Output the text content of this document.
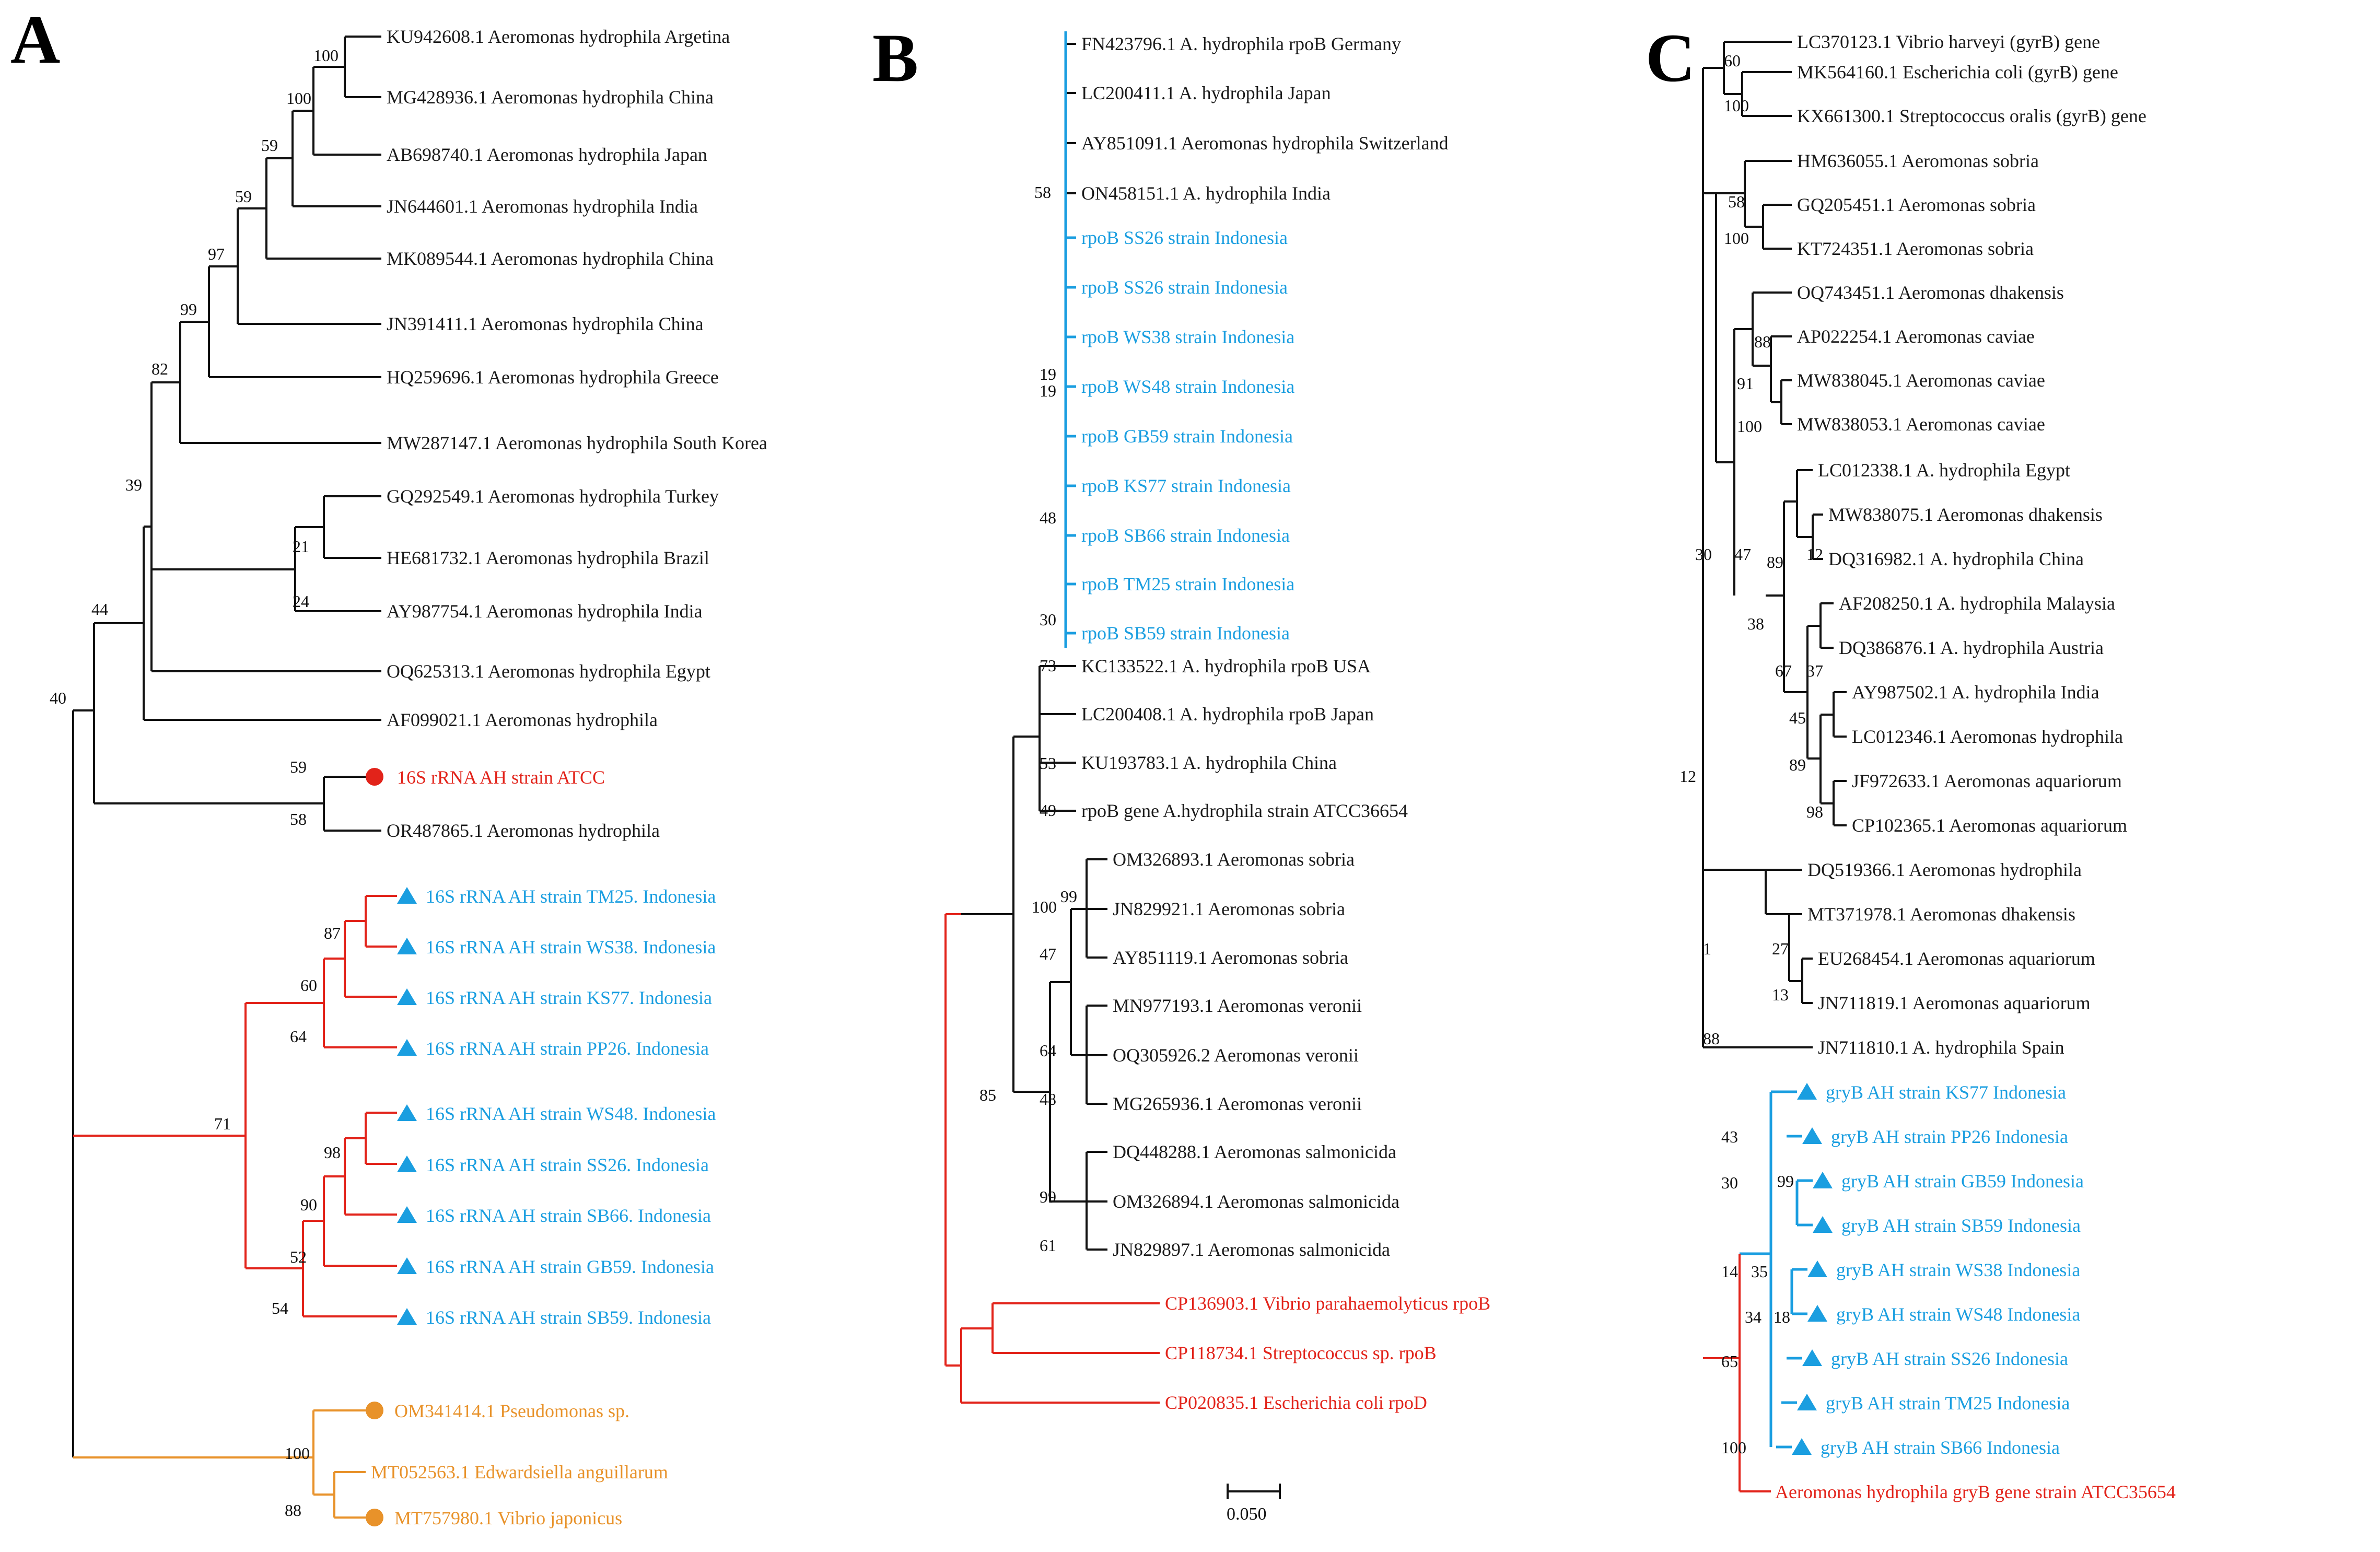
A	KU942608.1 Aeromonas hydrophila Argetina
MG428936.1 Aeromonas hydrophila China
AB698740.1 Aeromonas hydrophila Japan
JN644601.1 Aeromonas hydrophila India
MK089544.1 Aeromonas hydrophila China
JN391411.1 Aeromonas hydrophila China
HQ259696.1 Aeromonas hydrophila Greece
MW287147.1 Aeromonas hydrophila South Korea
GQ292549.1 Aeromonas hydrophila Turkey
HE681732.1 Aeromonas hydrophila Brazil
AY987754.1 Aeromonas hydrophila India
OQ625313.1 Aeromonas hydrophila Egypt
AF099021.1 Aeromonas hydrophila
16S rRNA AH strain ATCC
OR487865.1 Aeromonas hydrophila
16S rRNA AH strain TM25. Indonesia
16S rRNA AH strain WS38. Indonesia
16S rRNA AH strain KS77. Indonesia
16S rRNA AH strain PP26. Indonesia
16S rRNA AH strain WS48. Indonesia
16S rRNA AH strain SS26. Indonesia
16S rRNA AH strain SB66. Indonesia
16S rRNA AH strain GB59. Indonesia
16S rRNA AH strain SB59. Indonesia
OM341414.1 Pseudomonas sp.
MT052563.1 Edwardsiella anguillarum
MT757980.1 Vibrio japonicus
100
100
59
59
97
99
82
39
21
24
44
40
59
58
87
60
64
71
98
90
52
54
100
88
B	FN423796.1 A. hydrophila rpoB Germany
LC200411.1 A. hydrophila Japan
AY851091.1 Aeromonas hydrophila Switzerland
ON458151.1 A. hydrophila India
rpoB SS26 strain Indonesia
rpoB SS26 strain Indonesia
rpoB WS38 strain Indonesia
rpoB WS48 strain Indonesia
rpoB GB59 strain Indonesia
rpoB KS77 strain Indonesia
rpoB SB66 strain Indonesia
rpoB TM25 strain Indonesia
rpoB SB59 strain Indonesia
KC133522.1 A. hydrophila rpoB USA
LC200408.1 A. hydrophila rpoB Japan
KU193783.1 A. hydrophila China
rpoB gene A.hydrophila strain ATCC36654
OM326893.1 Aeromonas sobria
JN829921.1 Aeromonas sobria
AY851119.1 Aeromonas sobria
MN977193.1 Aeromonas veronii
OQ305926.2 Aeromonas veronii
MG265936.1 Aeromonas veronii
DQ448288.1 Aeromonas salmonicida
OM326894.1 Aeromonas salmonicida
JN829897.1 Aeromonas salmonicida
CP136903.1 Vibrio parahaemolyticus rpoB
CP118734.1 Streptococcus sp. rpoB
CP020835.1 Escherichia coli rpoD
58
19
19
48
30
73
53
49
99
100
47
64
48
85
99
61
0.050
C	LC370123.1 Vibrio harveyi (gyrB) gene
MK564160.1 Escherichia coli (gyrB) gene
KX661300.1 Streptococcus oralis (gyrB) gene
HM636055.1 Aeromonas sobria
GQ205451.1 Aeromonas sobria
KT724351.1 Aeromonas sobria
OQ743451.1 Aeromonas dhakensis
AP022254.1 Aeromonas caviae
MW838045.1 Aeromonas caviae
MW838053.1 Aeromonas caviae
LC012338.1 A. hydrophila Egypt
MW838075.1 Aeromonas dhakensis
DQ316982.1 A. hydrophila China
AF208250.1 A. hydrophila Malaysia
DQ386876.1 A. hydrophila Austria
AY987502.1 A. hydrophila India
LC012346.1 Aeromonas hydrophila
JF972633.1 Aeromonas aquariorum
CP102365.1 Aeromonas aquariorum
DQ519366.1 Aeromonas hydrophila
MT371978.1 Aeromonas dhakensis
EU268454.1 Aeromonas aquariorum
JN711819.1 Aeromonas aquariorum
JN711810.1 A. hydrophila Spain
gryB AH strain KS77 Indonesia
gryB AH strain PP26 Indonesia
gryB AH strain GB59 Indonesia
gryB AH strain SB59 Indonesia
gryB AH strain WS38 Indonesia
gryB AH strain WS48 Indonesia
gryB AH strain SS26 Indonesia
gryB AH strain TM25 Indonesia
gryB AH strain SB66 Indonesia
Aeromonas hydrophila gryB gene strain ATCC35654
60
100
58
100
88
91
100
89
30 47	12
38
67 37
45
89
98
12
1	27
13
88
43
99
30
14 35
34 18
65
100
